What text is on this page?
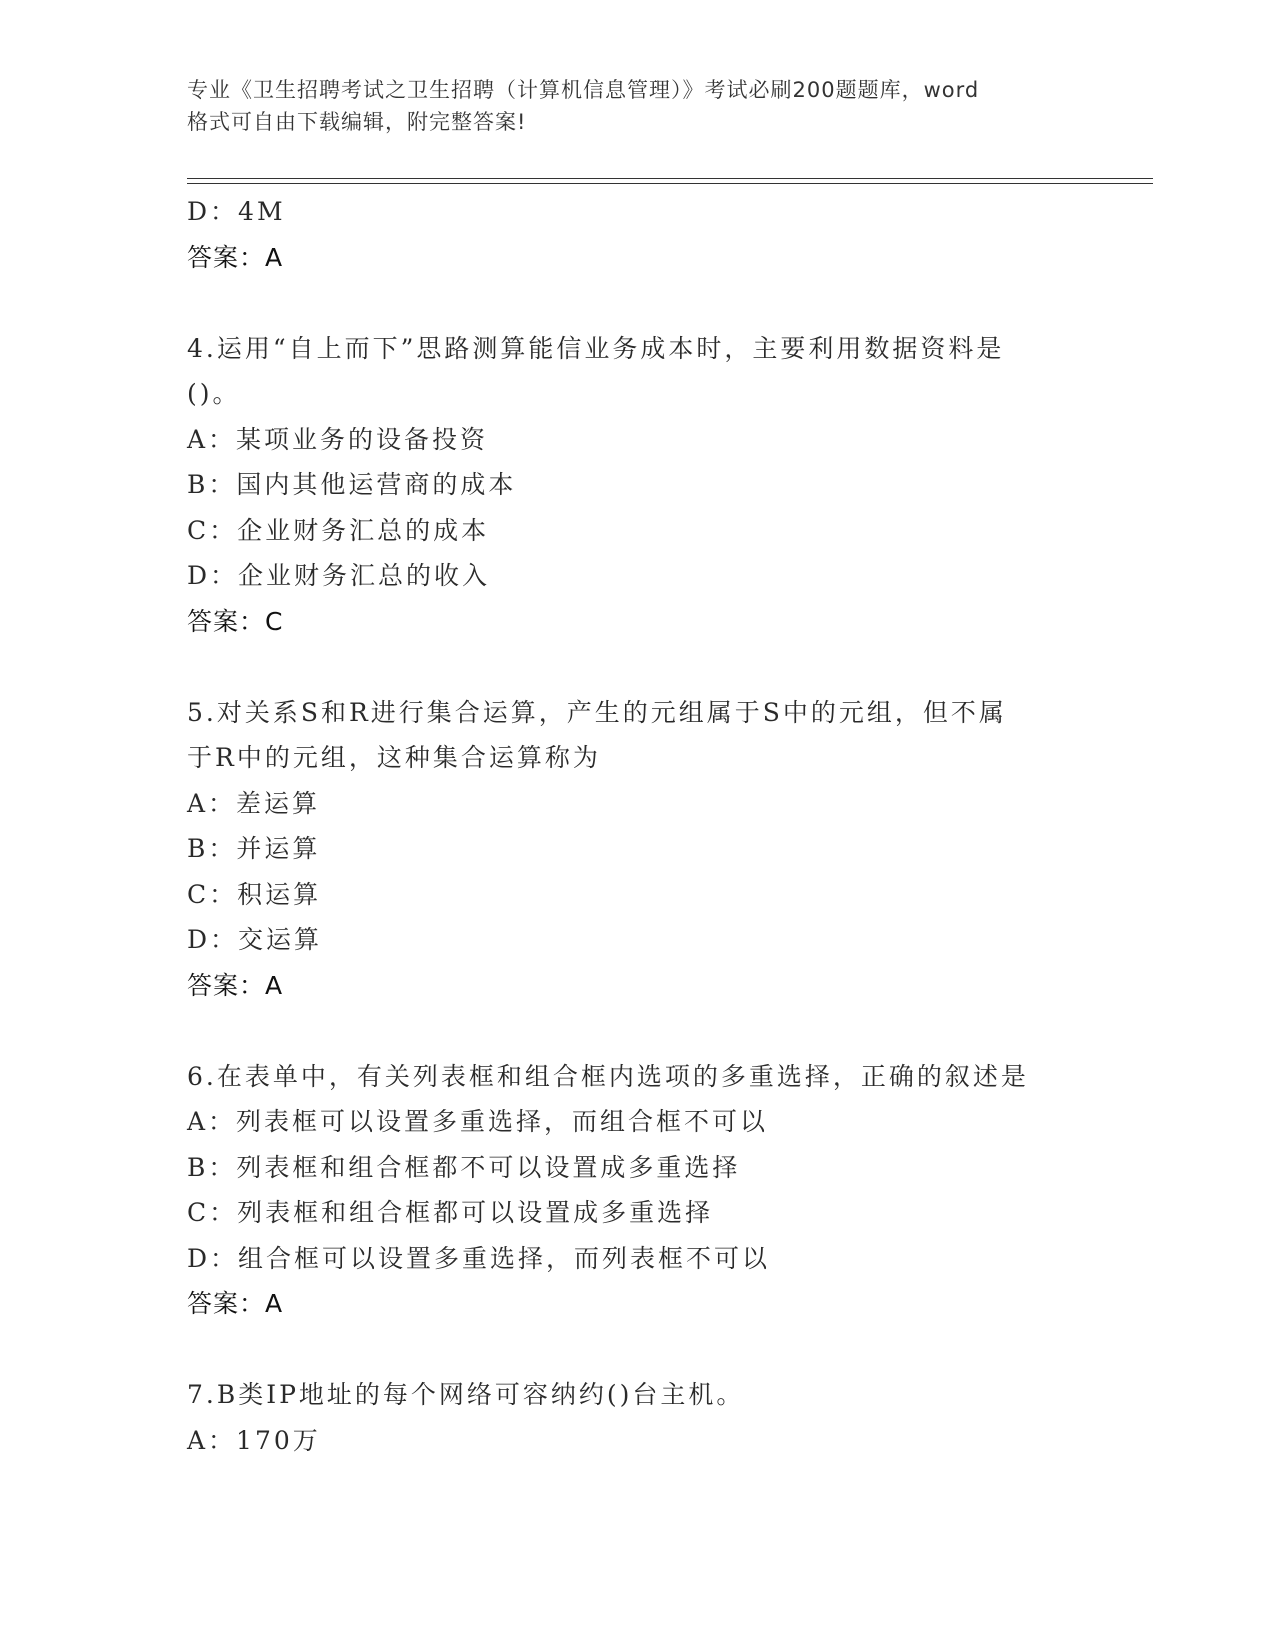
专业《卫生招聘考试之卫生招聘（计算机信息管理）》考试必刷200题题库，word
格式可自由下载编辑，附完整答案!
D：4M
答案：A
4.运用“自上而下”思路测算能信业务成本时，主要利用数据资料是
()。
A：某项业务的设备投资
B：国内其他运营商的成本
C：企业财务汇总的成本
D：企业财务汇总的收入
答案：C
5.对关系S和R进行集合运算，产生的元组属于S中的元组，但不属
于R中的元组，这种集合运算称为
A：差运算
B：并运算
C：积运算
D：交运算
答案：A
6.在表单中，有关列表框和组合框内选项的多重选择，正确的叙述是
A：列表框可以设置多重选择，而组合框不可以
B：列表框和组合框都不可以设置成多重选择
C：列表框和组合框都可以设置成多重选择
D：组合框可以设置多重选择，而列表框不可以
答案：A
7.B类IP地址的每个网络可容纳约()台主机。
A：170万
